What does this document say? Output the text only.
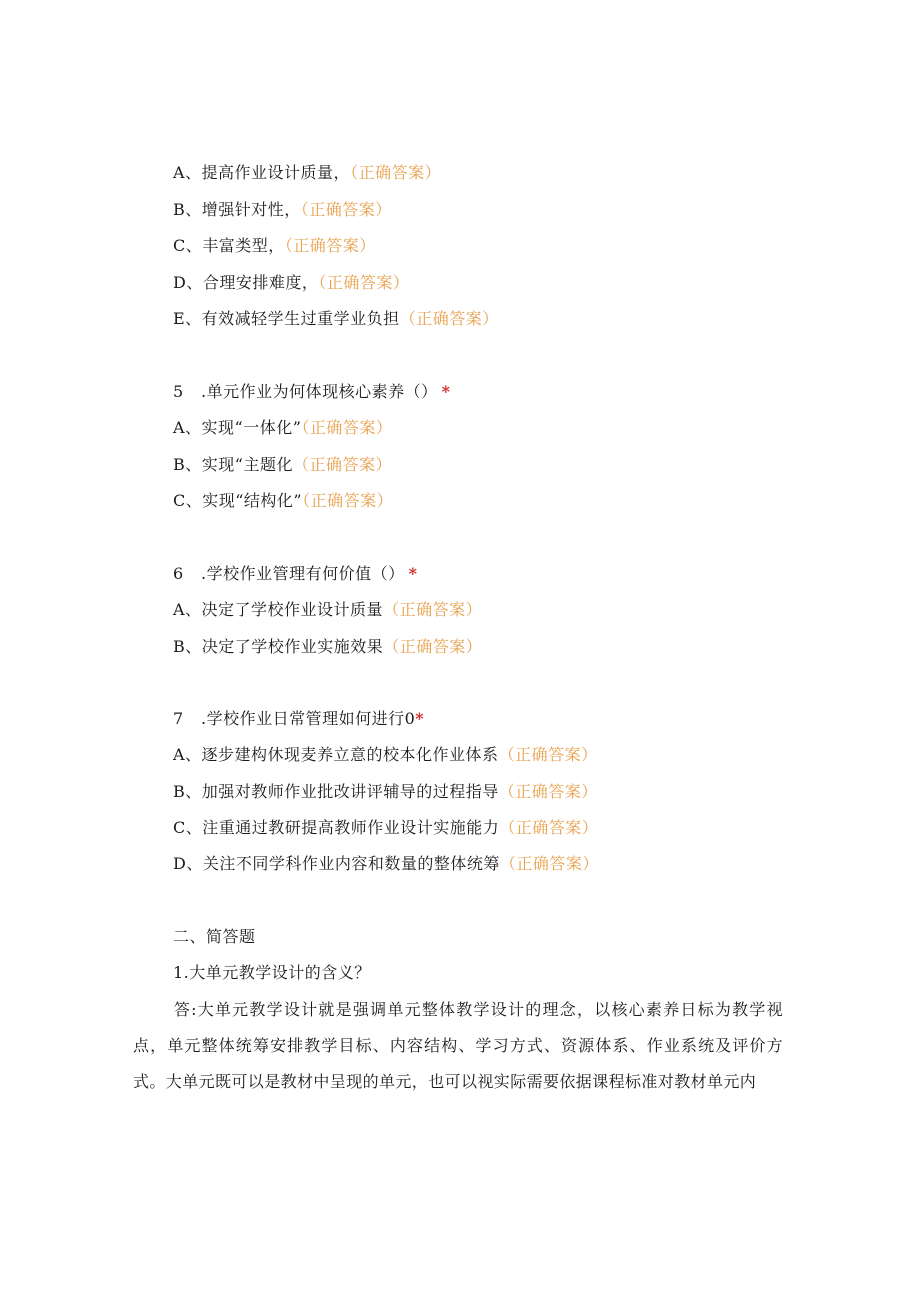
A、提高作业设计质量，（正确答案）
B、增强针对性，（正确答案）
C、丰富类型，（正确答案）
D、合理安排难度，（正确答案）
E、有效减轻学生过重学业负担（正确答案）
5 .单元作业为何体现核心素养（） *
A、实现“一体化”（正确答案）
B、实现“主题化（正确答案）
C、实现“结构化”（正确答案）
6 .学校作业管理有何价值（） *
A、决定了学校作业设计质量（正确答案）
B、决定了学校作业实施效果（正确答案）
7 .学校作业日常管理如何进行0*
A、逐步建构休现麦养立意的校本化作业体系（正确答案）
B、加强对教师作业批改讲评辅导的过程指导（正确答案）
C、注重通过教研提高教师作业设计实施能力（正确答案）
D、关注不同学科作业内容和数量的整体统筹（正确答案）
二、简答题
1.大单元教学设计的含义？
答:大单元教学设计就是强调单元整体教学设计的理念，以核心素养日标为教学视点，单元整体统筹安排教学目标、内容结构、学习方式、资源体系、作业系统及评价方式。大单元既可以是教材中呈现的单元，也可以视实际需要依据课程标准对教材单元内
